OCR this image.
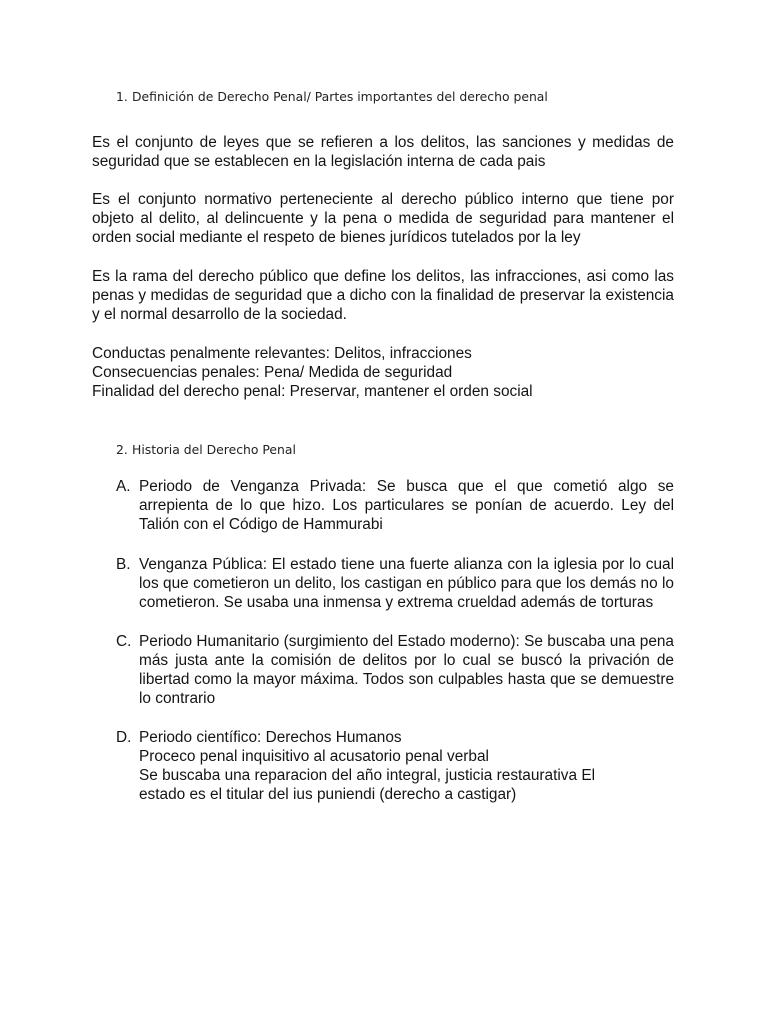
1. Definición de Derecho Penal/ Partes importantes del derecho penal

Es el conjunto de leyes que se refieren a los delitos, las sanciones y medidas de seguridad que se establecen en la legislación interna de cada pais

Es el conjunto normativo perteneciente al derecho público interno que tiene por objeto al delito, al delincuente y la pena o medida de seguridad para mantener el orden social mediante el respeto de bienes jurídicos tutelados por la ley

Es la rama del derecho público que define los delitos, las infracciones, asi como las penas y medidas de seguridad que a dicho con la finalidad de preservar la existencia y el normal desarrollo de la sociedad.

Conductas penalmente relevantes: Delitos, infracciones
Consecuencias penales: Pena/ Medida de seguridad
Finalidad del derecho penal: Preservar, mantener el orden social
2. Historia del Derecho Penal
A. Periodo de Venganza Privada: Se busca que el que cometió algo se arrepienta de lo que hizo. Los particulares se ponían de acuerdo. Ley del Talión con el Código de Hammurabi
B. Venganza Pública: El estado tiene una fuerte alianza con la iglesia por lo cual los que cometieron un delito, los castigan en público para que los demás no lo cometieron. Se usaba una inmensa y extrema crueldad además de torturas
C. Periodo Humanitario (surgimiento del Estado moderno): Se buscaba una pena más justa ante la comisión de delitos por lo cual se buscó la privación de libertad como la mayor máxima. Todos son culpables hasta que se demuestre lo contrario
D. Periodo científico: Derechos Humanos
Proceco penal inquisitivo al acusatorio penal verbal
Se buscaba una reparacion del año integral, justicia restaurativa El
estado es el titular del ius puniendi (derecho a castigar)
